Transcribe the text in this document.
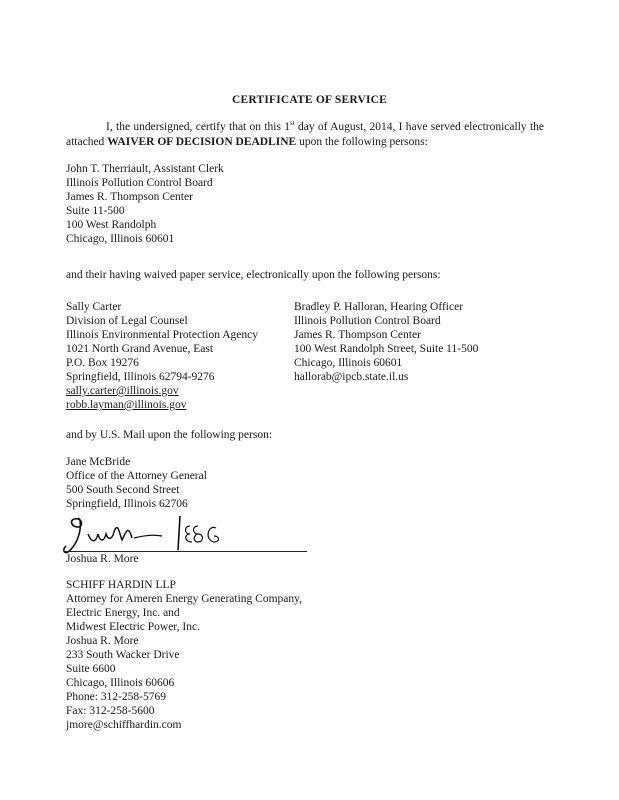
CERTIFICATE OF SERVICE
I, the undersigned, certify that on this 1st day of August, 2014, I have served electronically the attached WAIVER OF DECISION DEADLINE upon the following persons:
John T. Therriault, Assistant Clerk
Illinois Pollution Control Board
James R. Thompson Center
Suite 11-500
100 West Randolph
Chicago, Illinois 60601
and their having waived paper service, electronically upon the following persons:
Sally Carter
Division of Legal Counsel
Illinois Environmental Protection Agency
1021 North Grand Avenue, East
P.O. Box 19276
Springfield, Illinois 62794-9276
sally.carter@illinois.gov
robb.layman@illinois.gov
Bradley P. Halloran, Hearing Officer
Illinois Pollution Control Board
James R. Thompson Center
100 West Randolph Street, Suite 11-500
Chicago, Illinois 60601
hallorab@ipcb.state.il.us
and by U.S. Mail upon the following person:
Jane McBride
Office of the Attorney General
500 South Second Street
Springfield, Illinois 62706
Joshua R. More
SCHIFF HARDIN LLP
Attorney for Ameren Energy Generating Company,
Electric Energy, Inc. and
Midwest Electric Power, Inc.
Joshua R. More
233 South Wacker Drive
Suite 6600
Chicago, Illinois 60606
Phone: 312-258-5769
Fax: 312-258-5600
jmore@schiffhardin.com
